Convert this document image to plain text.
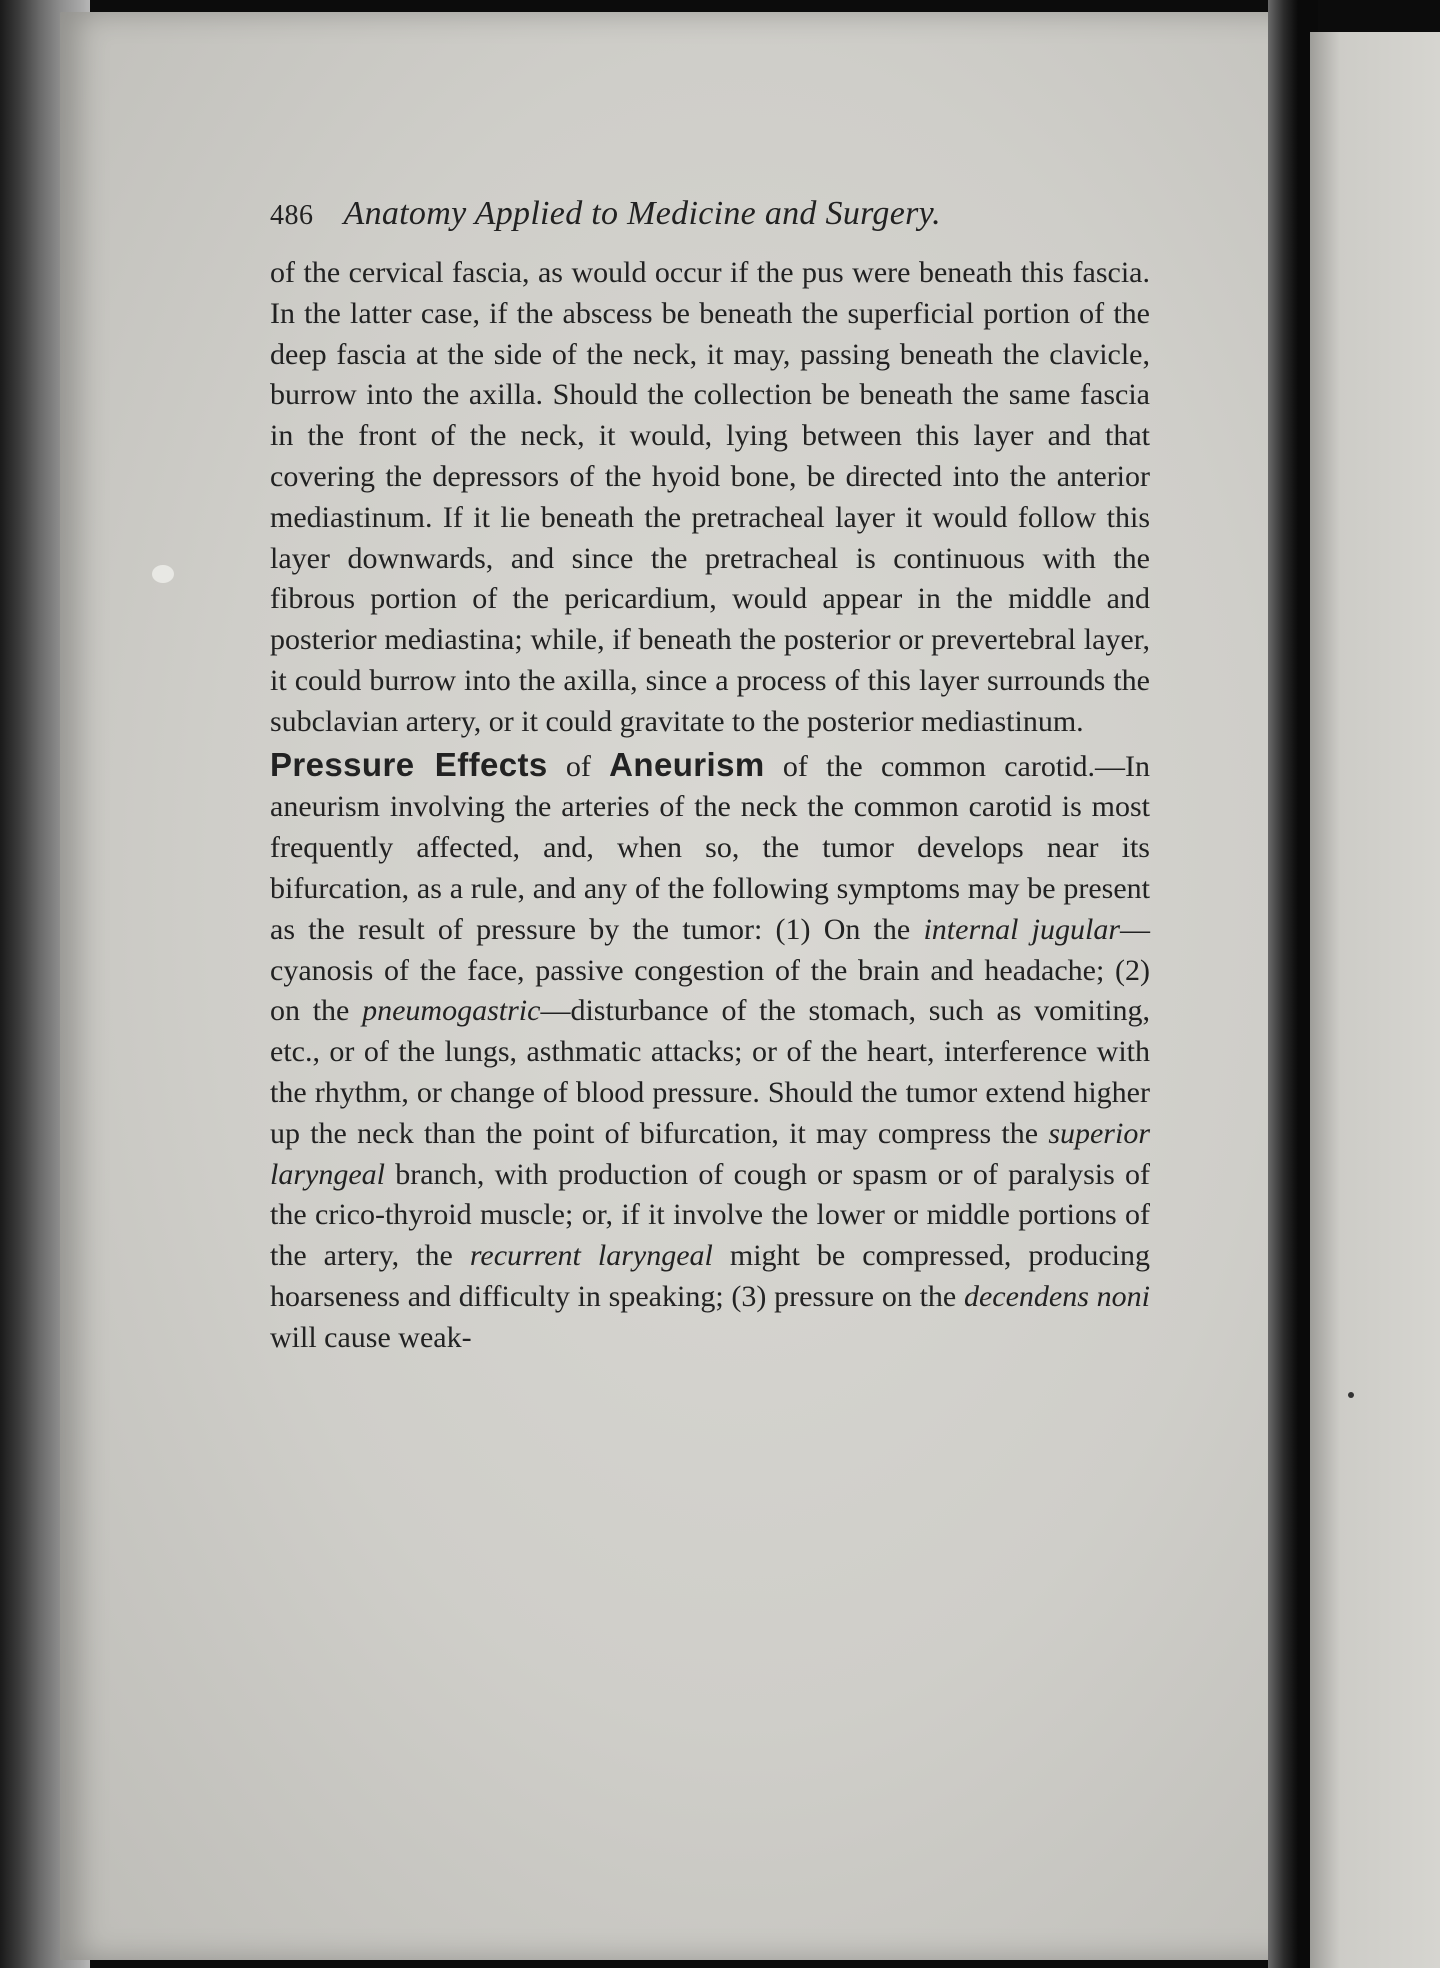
486 Anatomy Applied to Medicine and Surgery.

of the cervical fascia, as would occur if the pus were beneath this fascia. In the latter case, if the abscess be beneath the superficial portion of the deep fascia at the side of the neck, it may, passing beneath the clavicle, burrow into the axilla. Should the collection be beneath the same fascia in the front of the neck, it would, lying between this layer and that covering the depressors of the hyoid bone, be directed into the anterior mediastinum. If it lie beneath the pretracheal layer it would follow this layer downwards, and since the pretracheal is continuous with the fibrous portion of the pericardium, would appear in the middle and posterior mediastina; while, if beneath the posterior or prevertebral layer, it could burrow into the axilla, since a process of this layer surrounds the subclavian artery, or it could gravitate to the posterior mediastinum.

Pressure Effects of Aneurism of the common carotid.—In aneurism involving the arteries of the neck the common carotid is most frequently affected, and, when so, the tumor develops near its bifurcation, as a rule, and any of the following symptoms may be present as the result of pressure by the tumor: (1) On the internal jugular—cyanosis of the face, passive congestion of the brain and headache; (2) on the pneumogastric—disturbance of the stomach, such as vomiting, etc., or of the lungs, asthmatic attacks; or of the heart, interference with the rhythm, or change of blood pressure. Should the tumor extend higher up the neck than the point of bifurcation, it may compress the superior laryngeal branch, with production of cough or spasm or of paralysis of the crico-thyroid muscle; or, if it involve the lower or middle portions of the artery, the recurrent laryngeal might be compressed, producing hoarseness and difficulty in speaking; (3) pressure on the decendens noni will cause weak-
